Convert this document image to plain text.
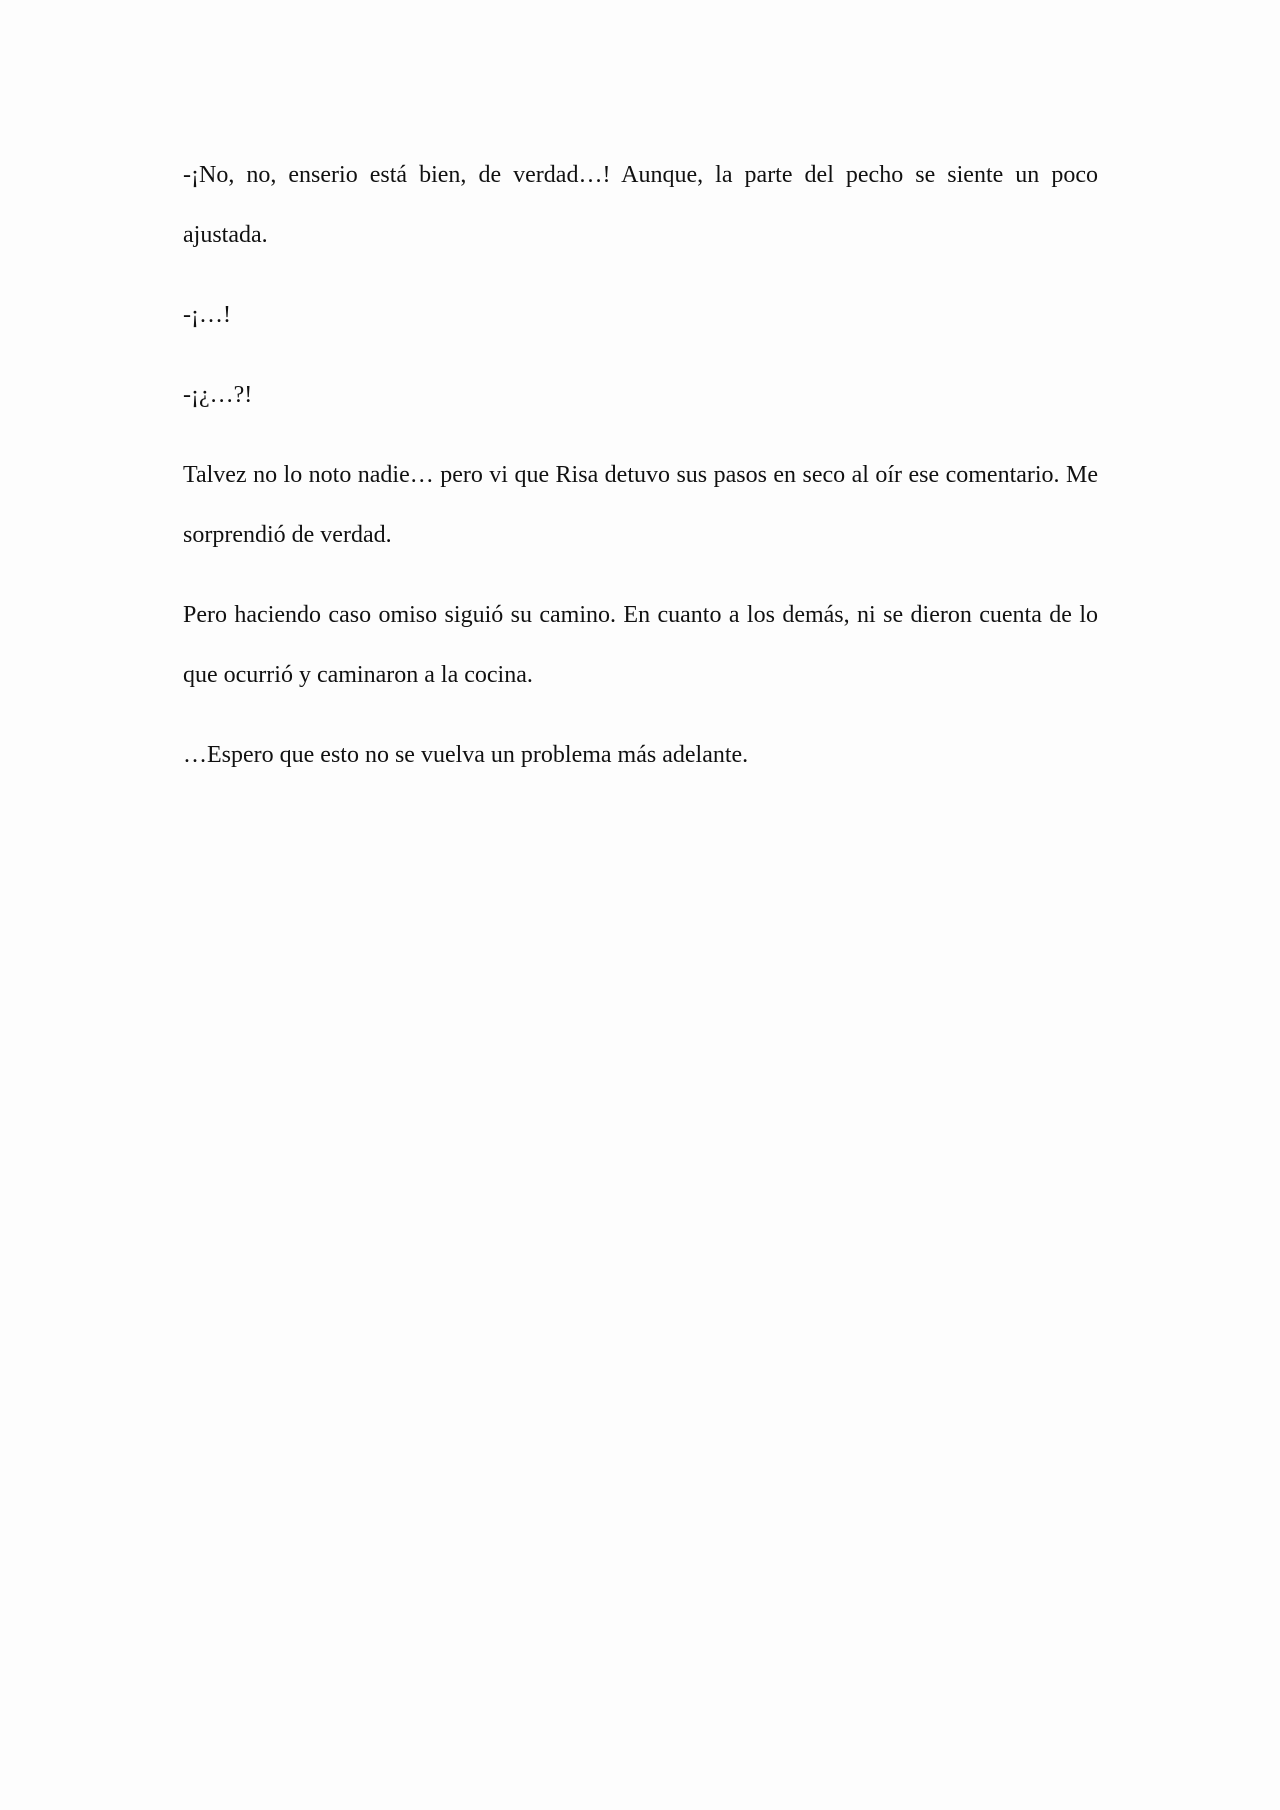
-¡No, no, enserio está bien, de verdad…! Aunque, la parte del pecho se siente un poco ajustada.

-¡…!

-¡¿…?!

Talvez no lo noto nadie… pero vi que Risa detuvo sus pasos en seco al oír ese comentario. Me sorprendió de verdad.

Pero haciendo caso omiso siguió su camino. En cuanto a los demás, ni se dieron cuenta de lo que ocurrió y caminaron a la cocina.

…Espero que esto no se vuelva un problema más adelante.
